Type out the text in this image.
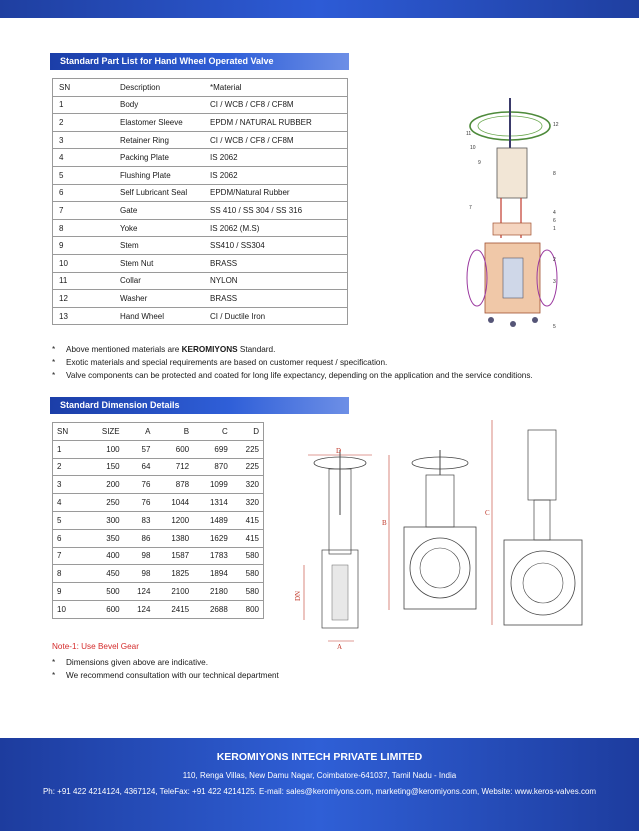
Standard Part List for Hand Wheel Operated Valve
SN	Description	*Material
1	Body	CI / WCB / CF8 / CF8M
2	Elastomer Sleeve	EPDM / NATURAL RUBBER
3	Retainer Ring	CI / WCB / CF8 / CF8M
4	Packing Plate	IS 2062
5	Flushing Plate	IS 2062
6	Self Lubricant Seal	EPDM/Natural Rubber
7	Gate	SS 410 / SS 304 / SS 316
8	Yoke	IS 2062 (M.S)
9	Stem	SS410 / SS304
10	Stem Nut	BRASS
11	Collar	NYLON
12	Washer	BRASS
13	Hand Wheel	CI / Ductile Iron
11
10
9
7
12
8
4
6
1
2
3
5
* Above mentioned materials are KEROMIYONS Standard.
* Exotic materials and special requirements are based on customer request / specification.
* Valve components can be protected and coated for long life expectancy, depending on the application and the service conditions.
Standard Dimension Details
SN	SIZE	A	B	C	D
1	100	57	600	699	225
2	150	64	712	870	225
3	200	76	878	1099	320
4	250	76	1044	1314	320
5	300	83	1200	1489	415
6	350	86	1380	1629	415
7	400	98	1587	1783	580
8	450	98	1825	1894	580
9	500	124	2100	2180	580
10	600	124	2415	2688	800
D
DN
A
B
C
Note-1: Use Bevel Gear
* Dimensions given above are indicative.
* We recommend consultation with our technical department
KEROMIYONS INTECH PRIVATE LIMITED
110, Renga Villas, New Damu Nagar, Coimbatore-641037, Tamil Nadu - India
Ph: +91 422 4214124, 4367124, TeleFax: +91 422 4214125. E-mail: sales@keromiyons.com, marketing@keromiyons.com, Website: www.keros-valves.com
